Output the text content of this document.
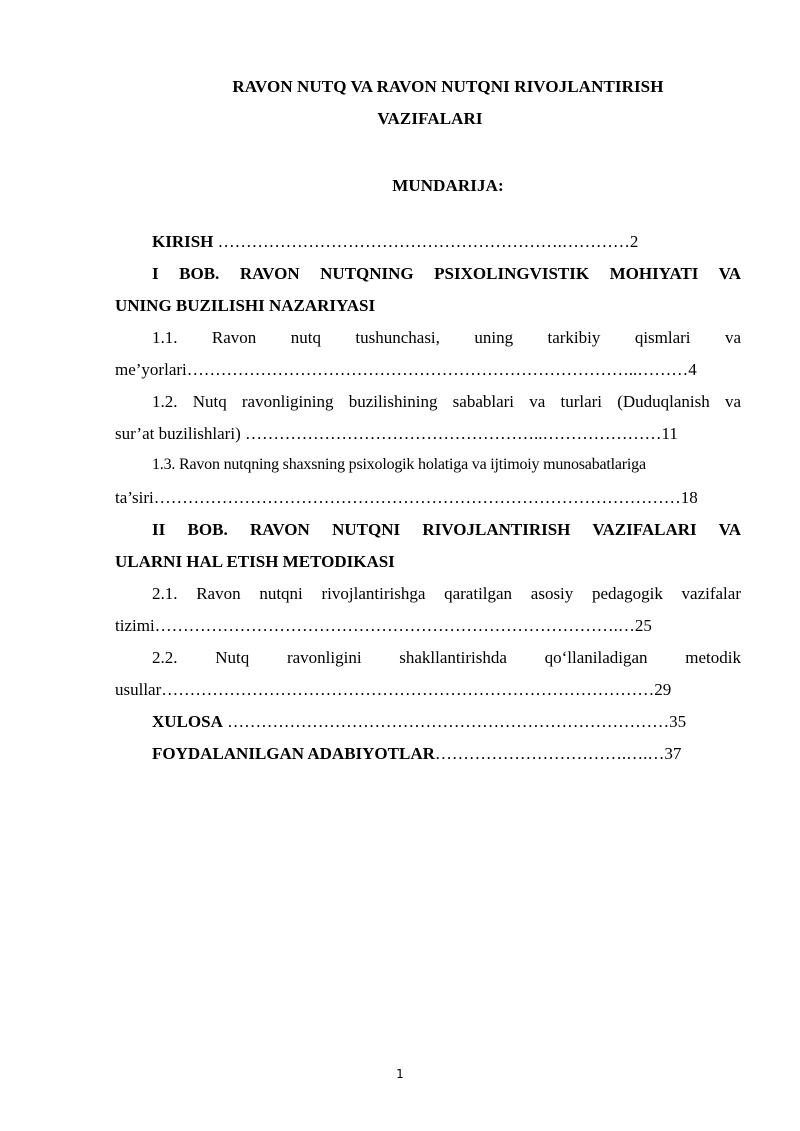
RAVON NUTQ VA RAVON NUTQNI RIVOJLANTIRISH
VAZIFALARI
MUNDARIJA:
KIRISH …………………………………………………….…………2
I BOB. RAVON NUTQNING PSIXOLINGVISTIK MOHIYATI VA
UNING BUZILISHI NAZARIYASI
1.1. Ravon nutq tushunchasi, uning tarkibiy qismlari va
me’yorlari……………………………………………………………………..………4
1.2. Nutq ravonligining buzilishining sabablari va turlari (Duduqlanish va
sur’at buzilishlari) ……………………………………………..…………………11
1.3. Ravon nutqning shaxsning psixologik holatiga va ijtimoiy munosabatlariga
ta’siri…………………………………………………………………………………18
II BOB. RAVON NUTQNI RIVOJLANTIRISH VAZIFALARI VA
ULARNI HAL ETISH METODIKASI
2.1. Ravon nutqni rivojlantirishga qaratilgan asosiy pedagogik vazifalar
tizimi……………………………………………………………………….…25
2.2. Nutq ravonligini shakllantirishda qo‘llaniladigan metodik
usullar……………………………………………………………………………29
XULOSA ……………………………………………………………………35
FOYDALANILGAN ADABIYOTLAR…………………………….….…37
1
